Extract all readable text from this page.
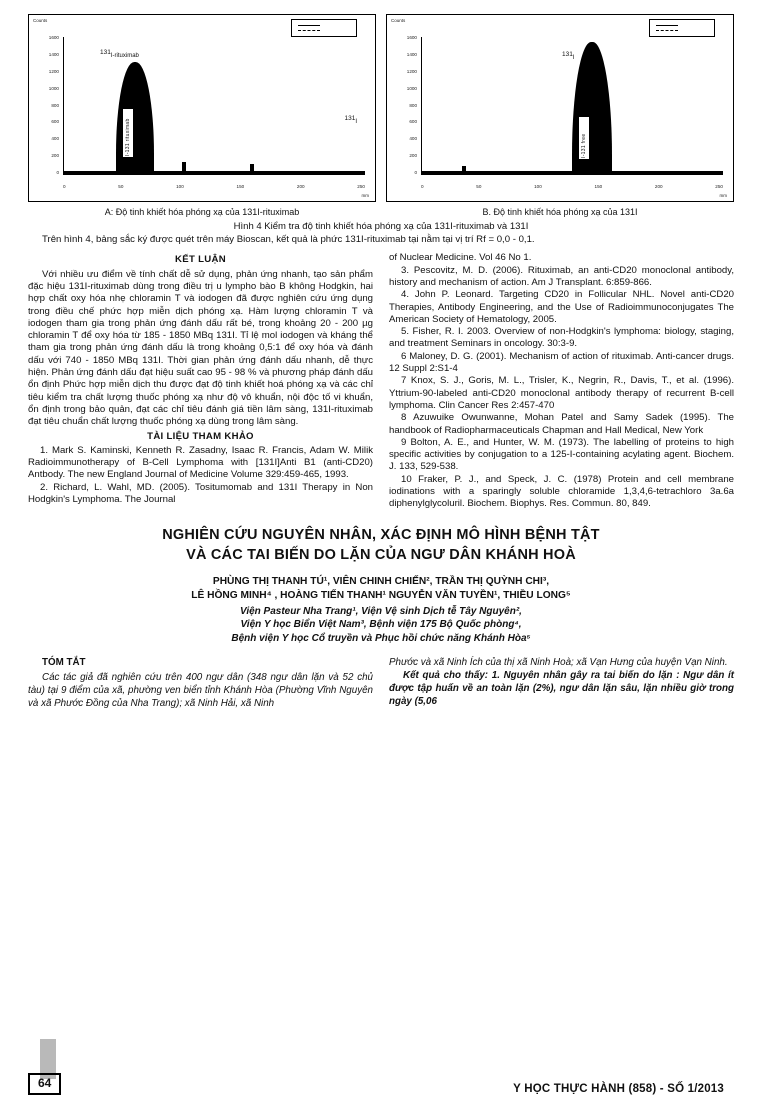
Counts
mm
1600
1400
1200
1000
800
600
400
200
0
I-131 rituximab
$^{131}$I-rituximab
$^{131}$I
0	50	100	150	200	250
Counts
mm
1600
1400
1200
1000
800
600
400
200
0
I-131 free
$^{131}$I
0	50	100	150	200	250
A: Độ tinh khiết hóa phóng xạ của 131I-rituximab	B. Độ tinh khiết hóa phóng xạ của 131I
Hình 4 Kiểm tra độ tinh khiết hóa phóng xạ của 131I-rituximab và 131I
Trên hình 4, bảng sắc ký được quét trên máy Bioscan, kết quả là phức 131I-rituximab tại nằm tại vị trí Rf = 0,0 - 0,1.
KẾT LUẬN

Với nhiều ưu điểm về tính chất dễ sử dụng, phản ứng nhanh, tạo sản phẩm đặc hiệu 131I-rituximab dùng trong điều trị u lympho bào B không Hodgkin, hai hợp chất oxy hóa nhẹ chloramin T và iodogen đã được nghiên cứu ứng dụng trong điều chế phức hợp miễn dịch phóng xạ. Hàm lượng chloramin T và iodogen tham gia trong phản ứng đánh dấu rất bé, trong khoảng 20 - 200 µg chloramin T để oxy hóa từ 185 - 1850 MBq 131I. Tỉ lệ mol iodogen và kháng thể tham gia trong phản ứng đánh dấu là trong khoảng 0,5:1 để oxy hóa và đánh dấu với 740 - 1850 MBq 131I. Thời gian phản ứng đánh dấu nhanh, dễ thực hiện. Phản ứng đánh dấu đạt hiệu suất cao 95 - 98 % và phương pháp đánh dấu ổn định Phức hợp miễn dịch thu được đạt độ tinh khiết hoá phóng xạ và các chỉ tiêu kiểm tra chất lượng thuốc phóng xạ như độ vô khuẩn, nội độc tố vi khuẩn, ổn định trong bảo quản, đạt các chỉ tiêu đánh giá tiền lâm sàng, 131I-rituximab đạt tiêu chuẩn chất lượng thuốc phóng xạ dùng trong lâm sàng.

TÀI LIỆU THAM KHẢO

1. Mark S. Kaminski, Kenneth R. Zasadny, Isaac R. Francis, Adam W. Milik Radioimmunotherapy of B-Cell Lymphoma with [131I]Anti B1 (anti-CD20) Antbody. The new England Journal of Medicine Volume 329:459-465, 1993.

2. Richard, L. Wahl, MD. (2005). Tositumomab and 131I Therapy in Non Hodgkin's Lymphoma. The Journal

of Nuclear Medicine. Vol 46 No 1.

3. Pescovitz, M. D. (2006). Rituximab, an anti-CD20 monoclonal antibody, history and mechanism of action. Am J Transplant. 6:859-866.

4. John P. Leonard. Targeting CD20 in Follicular NHL. Novel anti-CD20 Therapies, Antibody Engineering, and the Use of Radioimmunoconjugates The American Society of Hematology, 2005.

5. Fisher, R. I. 2003. Overview of non-Hodgkin's lymphoma: biology, staging, and treatment Seminars in oncology. 30:3-9.

6 Maloney, D. G. (2001). Mechanism of action of rituximab. Anti-cancer drugs. 12 Suppl 2:S1-4

7 Knox, S. J., Goris, M. L., Trisler, K., Negrin, R., Davis, T., et al. (1996). Yttrium-90-labeled anti-CD20 monoclonal antibody therapy of recurrent B-cell lymphoma. Clin Cancer Res 2:457-470

8 Azuwuike Owunwanne, Mohan Patel and Samy Sadek (1995). The handbook of Radiopharmaceuticals Chapman and Hall Medical, New York

9 Bolton, A. E., and Hunter, W. M. (1973). The labelling of proteins to high specific activities by conjugation to a 125-I-containing acylating agent. Biochem. J. 133, 529-538.

10 Fraker, P. J., and Speck, J. C. (1978) Protein and cell membrane iodinations with a sparingly soluble chloramide 1,3,4,6-tetrachloro 3a.6a diphenylglycoluril. Biochem. Biophys. Res. Commun. 80, 849.

NGHIÊN CỨU NGUYÊN NHÂN, XÁC ĐỊNH MÔ HÌNH BỆNH TẬT
VÀ CÁC TAI BIẾN DO LẶN CỦA NGƯ DÂN KHÁNH HOÀ
PHÙNG THỊ THANH TÚ¹, VIÊN CHINH CHIẾN², TRẦN THỊ QUỲNH CHI³,
LÊ HỒNG MINH⁴ , HOÀNG TIẾN THANH¹ NGUYỄN VĂN TUYỀN¹, THIỀU LONG⁵
Viện Pasteur Nha Trang¹, Viện Vệ sinh Dịch tễ Tây Nguyên²,
Viện Y học Biển Việt Nam³, Bệnh viện 175 Bộ Quốc phòng⁴,
Bệnh viện Y học Cổ truyền và Phục hồi chức năng Khánh Hòa⁵
TÓM TẮT

Các tác giả đã nghiên cứu trên 400 ngư dân (348 ngư dân lặn và 52 chủ tàu) tại 9 điểm của xã, phường ven biển tỉnh Khánh Hòa (Phường Vĩnh Nguyên và xã Phước Đồng của Nha Trang); xã Ninh Hải, xã Ninh

Phước và xã Ninh Ích của thị xã Ninh Hoà; xã Vạn Hưng của huyện Vạn Ninh.

Kết quả cho thấy: 1. Nguyên nhân gây ra tai biến do lặn : Ngư dân ít được tập huấn về an toàn lặn (2%), ngư dân lặn sâu, lặn nhiều giờ trong ngày (5,06

64	Y HỌC THỰC HÀNH (858) - SỐ 1/2013
